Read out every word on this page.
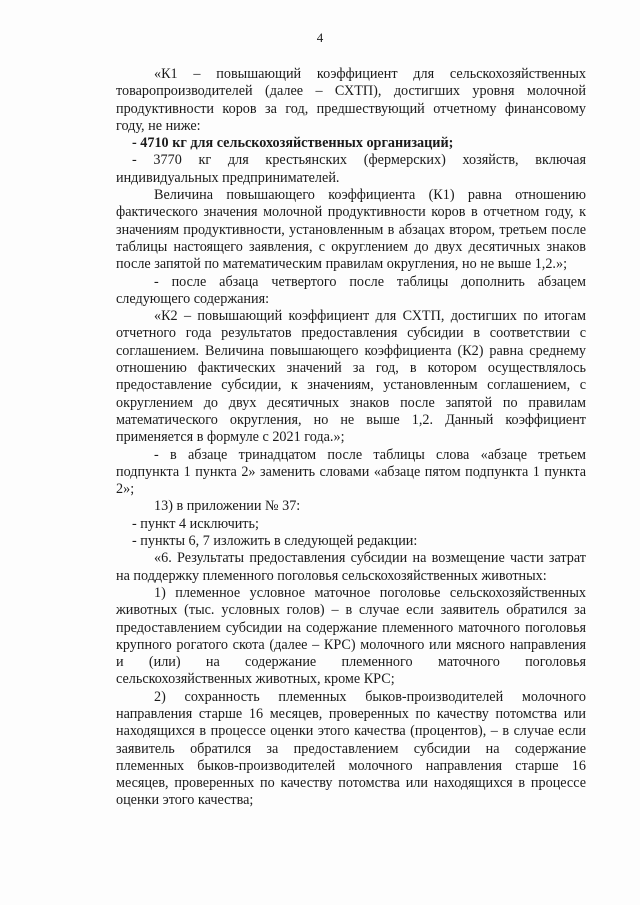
4

«К1 – повышающий коэффициент для сельскохозяйственных товаропроизводителей (далее – СХТП), достигших уровня молочной продуктивности коров за год, предшествующий отчетному финансовому году, не ниже:

- 4710 кг для сельскохозяйственных организаций;

- 3770 кг для крестьянских (фермерских) хозяйств, включая индивидуальных предпринимателей.

Величина повышающего коэффициента (К1) равна отношению фактического значения молочной продуктивности коров в отчетном году, к значениям продуктивности, установленным в абзацах втором, третьем после таблицы настоящего заявления, с округлением до двух десятичных знаков после запятой по математическим правилам округления, но не выше 1,2.»;

- после абзаца четвертого после таблицы дополнить абзацем следующего содержания:

«К2 – повышающий коэффициент для СХТП, достигших по итогам отчетного года результатов предоставления субсидии в соответствии с соглашением. Величина повышающего коэффициента (К2) равна среднему отношению фактических значений за год, в котором осуществлялось предоставление субсидии, к значениям, установленным соглашением, с округлением до двух десятичных знаков после запятой по правилам математического округления, но не выше 1,2. Данный коэффициент применяется в формуле с 2021 года.»;

- в абзаце тринадцатом после таблицы слова «абзаце третьем подпункта 1 пункта 2» заменить словами «абзаце пятом подпункта 1 пункта 2»;

13) в приложении № 37:

- пункт 4 исключить;

- пункты 6, 7 изложить в следующей редакции:

«6. Результаты предоставления субсидии на возмещение части затрат на поддержку племенного поголовья сельскохозяйственных животных:

1) племенное условное маточное поголовье сельскохозяйственных животных (тыс. условных голов) – в случае если заявитель обратился за предоставлением субсидии на содержание племенного маточного поголовья крупного рогатого скота (далее – КРС) молочного или мясного направления и (или) на содержание племенного маточного поголовья сельскохозяйственных животных, кроме КРС;

2) сохранность племенных быков-производителей молочного направления старше 16 месяцев, проверенных по качеству потомства или находящихся в процессе оценки этого качества (процентов), – в случае если заявитель обратился за предоставлением субсидии на содержание племенных быков-производителей молочного направления старше 16 месяцев, проверенных по качеству потомства или находящихся в процессе оценки этого качества;
